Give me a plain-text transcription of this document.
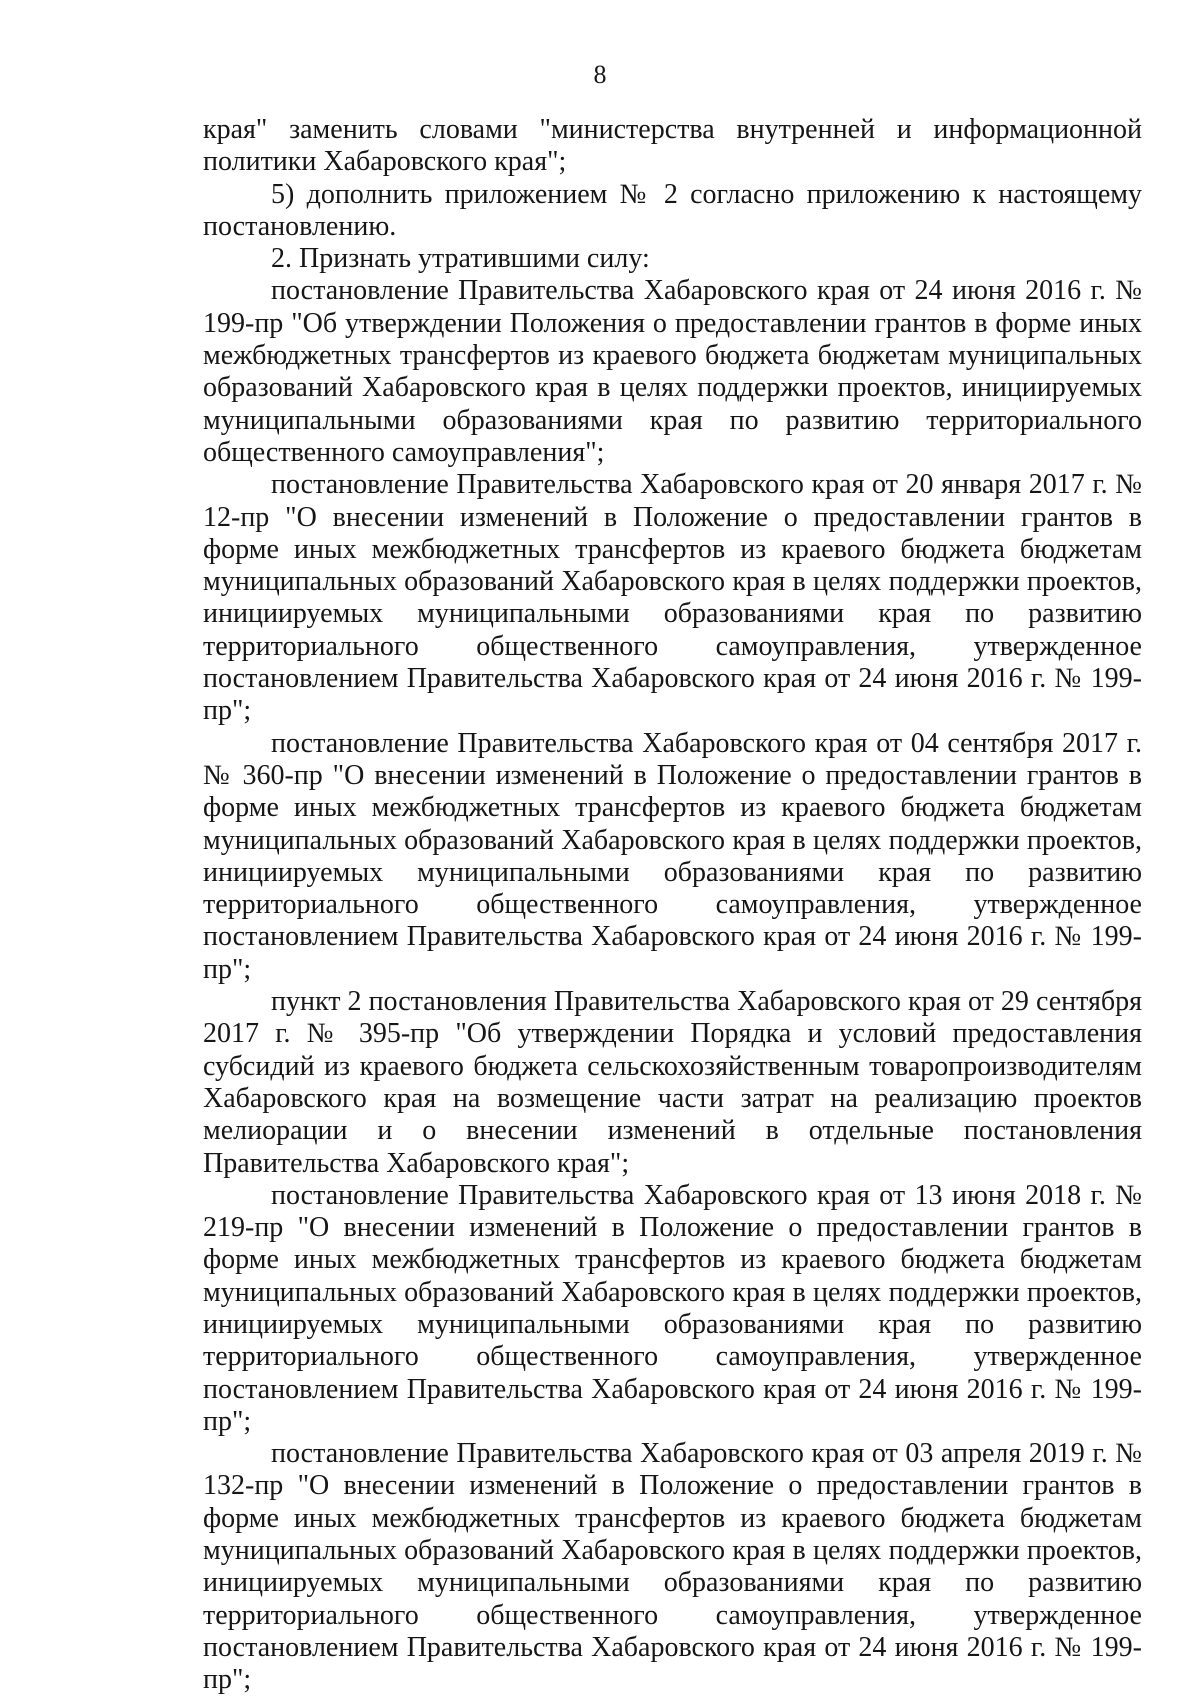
8

края" заменить словами "министерства внутренней и информационной политики Хабаровского края";

5) дополнить приложением № 2 согласно приложению к настоящему постановлению.

2. Признать утратившими силу:

постановление Правительства Хабаровского края от 24 июня 2016 г. № 199-пр "Об утверждении Положения о предоставлении грантов в форме иных межбюджетных трансфертов из краевого бюджета бюджетам муниципальных образований Хабаровского края в целях поддержки проектов, инициируемых муниципальными образованиями края по развитию территориального общественного самоуправления";

постановление Правительства Хабаровского края от 20 января 2017 г. № 12-пр "О внесении изменений в Положение о предоставлении грантов в форме иных межбюджетных трансфертов из краевого бюджета бюджетам муниципальных образований Хабаровского края в целях поддержки проектов, инициируемых муниципальными образованиями края по развитию территориального общественного самоуправления, утвержденное постановлением Правительства Хабаровского края от 24 июня 2016 г. № 199-пр";

постановление Правительства Хабаровского края от 04 сентября 2017 г. № 360-пр "О внесении изменений в Положение о предоставлении грантов в форме иных межбюджетных трансфертов из краевого бюджета бюджетам муниципальных образований Хабаровского края в целях поддержки проектов, инициируемых муниципальными образованиями края по развитию территориального общественного самоуправления, утвержденное постановлением Правительства Хабаровского края от 24 июня 2016 г. № 199-пр";

пункт 2 постановления Правительства Хабаровского края от 29 сентября 2017 г. № 395-пр "Об утверждении Порядка и условий предоставления субсидий из краевого бюджета сельскохозяйственным товаропроизводителям Хабаровского края на возмещение части затрат на реализацию проектов мелиорации и о внесении изменений в отдельные постановления Правительства Хабаровского края";

постановление Правительства Хабаровского края от 13 июня 2018 г. № 219-пр "О внесении изменений в Положение о предоставлении грантов в форме иных межбюджетных трансфертов из краевого бюджета бюджетам муниципальных образований Хабаровского края в целях поддержки проектов, инициируемых муниципальными образованиями края по развитию территориального общественного самоуправления, утвержденное постановлением Правительства Хабаровского края от 24 июня 2016 г. № 199-пр";

постановление Правительства Хабаровского края от 03 апреля 2019 г. № 132-пр "О внесении изменений в Положение о предоставлении грантов в форме иных межбюджетных трансфертов из краевого бюджета бюджетам муниципальных образований Хабаровского края в целях поддержки проектов, инициируемых муниципальными образованиями края по развитию территориального общественного самоуправления, утвержденное постановлением Правительства Хабаровского края от 24 июня 2016 г. № 199-пр";
